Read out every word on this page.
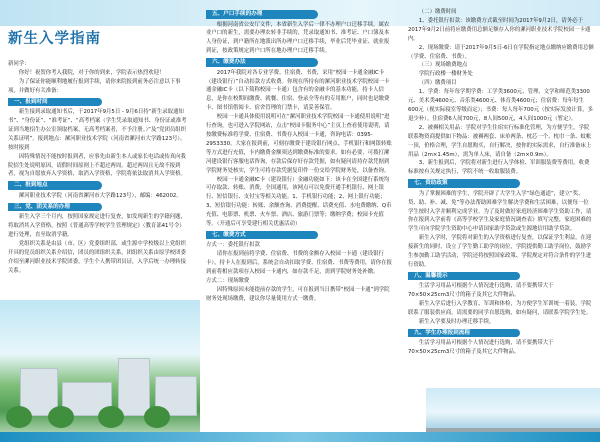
新生入学指南

新同学：

你好！祝贺你考入我院，对于你的到来，学院表示热烈欢迎！

为了保证你能顺利地履行报到手续，请你来院报到前务必注意以下事项，并做好有关准备：

一、报到时间

新生接到录取通知书后，于2017年9月5日 - 9月6日持“新生录取通知书”、“身份证”、“准考证”、“高考档案（学生凭录取通知书、身份证或准考证到当地招生办公室领取档案，无高考档案者，不予注册。）”及“党团员组织关系证明”。报到地点：漯河职业技术学院（河南省漯河市大学路123号）。按时报到

因特殊情况不能按时报到者，应事先由新生本人或家长电话或传真向我院招生处说明原因，请假时间原则上不超过两周。超过两周且无故不报到者，视为自愿放弃入学资格，取消入学资格，学院将依法取消其入学资格。

二、报到地点

漯河职业技术学院（河南省漯河市大学路123号），邮编：462002。

三、党、团关系的办理

新生入学三个月内，按照国家规定进行复查，如发现新生的学籍问题，将取消其入学资格，按照《普通高等学校学生管理规定》（教育部41号令）进行处理，直至取消学籍。

党组织关系是由县（市、区）党委组织部，或生源中学校级以上党组织开具的党员组织关系介绍信，团员的团组织关系，团组织关系由原学校团委介绍至漯河职业技术学院团委，学生个人携带团员证，入学后统一办理转接关系。

五、户口手续的办理

根据河南省公安厅文件，本省新生入学后一律不办理户口迁移手续。属农业户口的新生，需要办理农转非手续的，凭录取通知书、准考证、户口簿及本人身份证，到户籍所在地派出所办理户口迁移手续，毕业后凭毕业证、就业报到证，按政策规定到户口所在地办理户口迁移手续。

六、缴费办法

2017年我院对各专业学费、住宿费、书费，采用“校园一卡通金融IC卡（建设银行）”自动扣款方式收费。你现在所持有的漯河职业技术学院校园一卡通金融IC卡（以下简称校园一卡通）包含有的金融卡的基本功能，持卡人信息，是你在校期间缴费、就餐、住宿、登录全等有的专用账户，同时也是缴费卡、图书馆借阅卡、宿舍管理的门禁卡，请妥善保管。

校园一卡通具体使用说明可在“漯河职业技术学院校园一卡通使用说明”进行查询，也可进入学院网站，点击“校园卡服务中心”主页上查看使用说明，请按缴费标准将学费、住宿费、书费存入校园一卡通，咨询电话：0395-2953330。大家在报到前，可刻存缴费于建设银行网点、手机银行和网银转账等方式进行充值，卡内缴费金额须达到缴费标准的要求。如有必要，可拨打漯河建设银行客服电话咨询，存款后保存好存款凭据，如有疑问请持存款凭据到学院财务处核实，学生可将存款凭据复印件一份交给学院财务处，以备查询。

校园一卡通金融IC卡（建设银行）金融功能如下：该卡在全国建行系统均可存取款、转账、消费，全国通用，该网点可以免费开通手机银行、网上银行、短信银行、支付宝等相关功能。1、手机银行功能；2、网上银行功能；3、短信银行功能：转账、余额查询、消费提醒、话费充值、水电费缴纳、Q币充值、电影票、机票、火车票、酒店、旅游门票等；缴纳学费；校园卡充值等。（开通后可享受建行相关优惠活动）

七、缴费方式

方式一：委托银行扣款

请你在报到前将学费、住宿费、书费的金额存入校园一卡通（建设银行卡），持卡人在报到后，系统会自动扣取学费、住宿费、书费等费用，请你在报到前将相应款项存入校园一卡通内，如存款不足，需到学院财务处补缴。

方式二：现场缴费

因特殊原因未能提前存款的学生，可在报到当日携带“校园一卡通”到学院财务处现场缴费，建议你尽量使用方式一缴费。

（二）缴费时间

1、委托银行扣款：该缴费方式截至时间为2017年9月2日，请务必于2017年9月2日前将应缴费用总额足额存入你的漯河职业技术学院校园一卡通内。

2、现场缴费：请于2017年9月5日-6日在学院指定地点缴纳应缴费用总额（学费、住宿费、书费）。

（三）现场缴费地点

学院行政楼一楼财务处

（四）缴费项目

1、学费：每年每学期学费：工学类3600元、管理、文学和师范类3300元、美术类4600元、音乐类4600元、体育类4600元；住宿费：每年每生600元（视实际寝室等级而定）；书费：每人每年700元（按实际发放计算，多退少补）。住宿费6人间700元，8人间500元，4人间1000元（暂定）。

2、被褥相关用品：学院对学生住宿实行标准化管理，为方便学生，学院联系物资商提供如下物品：被褥两套、床单两条、枕芯一个、枕巾一条、蚊帐一顶，价格合理，学生自愿购买，自行解决，按你的实际需求，自行准备床上用品（2m×1.45m），需为单人床，请自备（2m×0.9m）。

3、新生报到后，学院将对新生进行入学体检、军训服装费等费用，收费标准按有关规定执行，学院不统一收取服装费。

七、资助政策

为了掌握困难的学生，学院开辟了大学生入学“绿色通道”，建立“奖、贷、助、补、减、免”等办法帮助困难学生解决学费和生活困难，以便每一位学生按时入学并顺利完成学业。为了及时做好家庭经济困难学生资助工作，请你在报到入学前将《高等学校学生及家庭情况调查表》填写完整，家庭困难的学生可向学院学生资助中心申请国家助学贷款或生源地信用助学贷款。

新生入学时，学院将对新生的入学资格进行复查，以保证学生利益，在迎接新生的同时，设立了学生勤工助学的岗位，学院提供勤工助学岗位，鼓励学生参加勤工助学活动，学院还将按照国家政策、学院规定对符合条件的学生进行资助。

八、温馨提示

生活学习用品可根据个人情况进行选购，请不要携带大于70×50×25cm3尺寸的箱子及其它大件物品。

新生入学后进行入学教育、军训和体检，为方便学生军训统一着装，学院联系了服装供应商，请需要的同学自愿选购，如有疑问，请联系学院学生处。

新生入学要及时办理迁移手续。

九、学生办理报到流程

生活学习用品可根据个人情况进行选购，请不要携带大于70×50×25cm3尺寸的箱子及其它大件物品。
